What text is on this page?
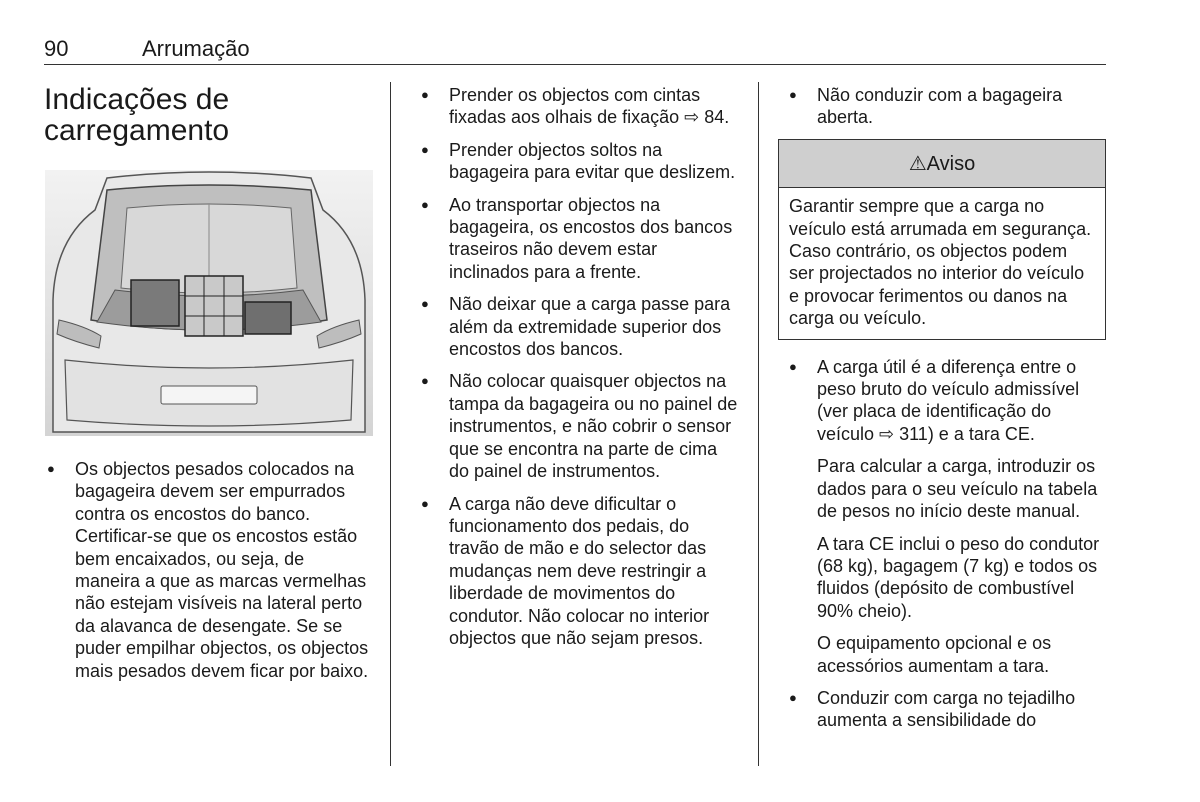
90	Arrumação
Indicações de carregamento
● Os objectos pesados colocados na bagageira devem ser empurrados contra os encostos do banco. Certificar-se que os encostos estão bem encaixados, ou seja, de maneira a que as marcas vermelhas não estejam visíveis na lateral perto da alavanca de desengate. Se se puder empilhar objectos, os objectos mais pesados devem ficar por baixo.
● Prender os objectos com cintas fixadas aos olhais de fixação ⇨ 84.
● Prender objectos soltos na bagageira para evitar que deslizem.
● Ao transportar objectos na bagageira, os encostos dos bancos traseiros não devem estar inclinados para a frente.
● Não deixar que a carga passe para além da extremidade superior dos encostos dos bancos.
● Não colocar quaisquer objectos na tampa da bagageira ou no painel de instrumentos, e não cobrir o sensor que se encontra na parte de cima do painel de instrumentos.
● A carga não deve dificultar o funcionamento dos pedais, do travão de mão e do selector das mudanças nem deve restringir a liberdade de movimentos do condutor. Não colocar no interior objectos que não sejam presos.
● Não conduzir com a bagageira aberta.
⚠Aviso
Garantir sempre que a carga no veículo está arrumada em segurança. Caso contrário, os objectos podem ser projectados no interior do veículo e provocar ferimentos ou danos na carga ou veículo.
● A carga útil é a diferença entre o peso bruto do veículo admissível (ver placa de identificação do veículo ⇨ 311) e a tara CE.

Para calcular a carga, introduzir os dados para o seu veículo na tabela de pesos no início deste manual.

A tara CE inclui o peso do condutor (68 kg), bagagem (7 kg) e todos os fluidos (depósito de combustível 90% cheio).

O equipamento opcional e os acessórios aumentam a tara.

● Conduzir com carga no tejadilho aumenta a sensibilidade do
